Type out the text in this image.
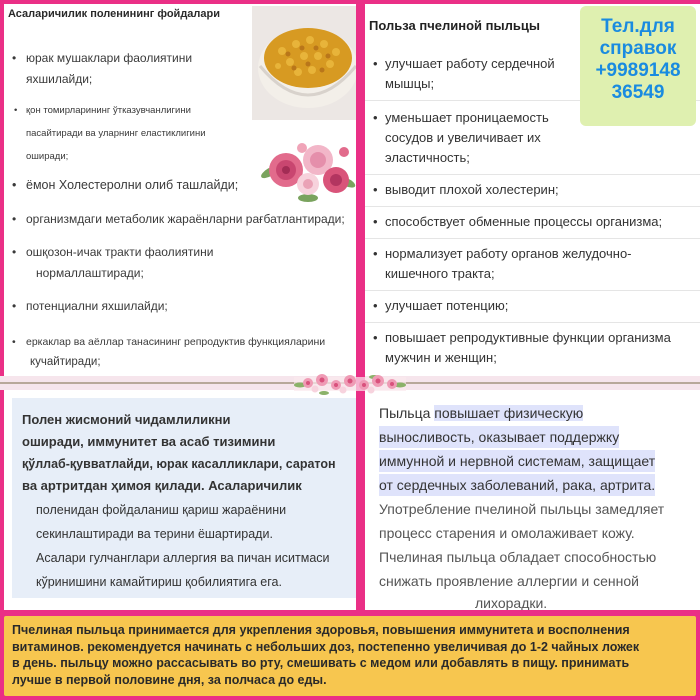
Асаларичилик поленининг фойдалари
• юрак мушаклари фаолиятини
яхшилайди;
• қон томирларининг ўтказувчанлигини
пасайтиради ва уларнинг еластиклигини
оширади;
• ёмон Холестеролни олиб ташлайди;
• организмдаги метаболик жараёнларни рағбатлантиради;
• ошқозон-ичак тракти фаолиятини
нормаллаштиради;
• потенциални яхшилайди;
• еркаклар ва аёллар танасининг репродуктив функцияларини
кучайтиради;
Польза пчелиной пыльцы
• улучшает работу сердечной
мышцы;
• уменьшает проницаемость
сосудов и увеличивает их
эластичность;
• выводит плохой холестерин;
• способствует обменные процессы организма;
• нормализует работу органов желудочно-
кишечного тракта;
• улучшает потенцию;
• повышает репродуктивные функции организма
мужчин и женщин;
Тел.для
справок
+9989148
36549
Полен жисмоний чидамлиликни
оширади, иммунитет ва асаб тизимини
қўллаб-қувватлайди, юрак касалликлари, саратон
ва артритдан ҳимоя қилади. Асаларичилик
поленидан фойдаланиш қариш жараёнини
секинлаштиради ва терини ёшартиради.
Асалари гулчанглари аллергия ва пичан иситмаси
кўринишини камайтириш қобилиятига ега.
Пыльца повышает физическую
выносливость, оказывает поддержку
иммунной и нервной системам, защищает
от сердечных заболеваний, рака, артрита.
Употребление пчелиной пыльцы замедляет
процесс старения и омолаживает кожу.
Пчелиная пыльца обладает способностью
снижать проявление аллергии и сенной
лихорадки.
Пчелиная пыльца принимается для укрепления здоровья, повышения иммунитета и восполнения
витаминов. рекомендуется начинать с небольших доз, постепенно увеличивая до 1-2 чайных ложек
в день. пыльцу можно рассасывать во рту, смешивать с медом или добавлять в пищу. принимать
лучше в первой половине дня, за полчаса до еды.
